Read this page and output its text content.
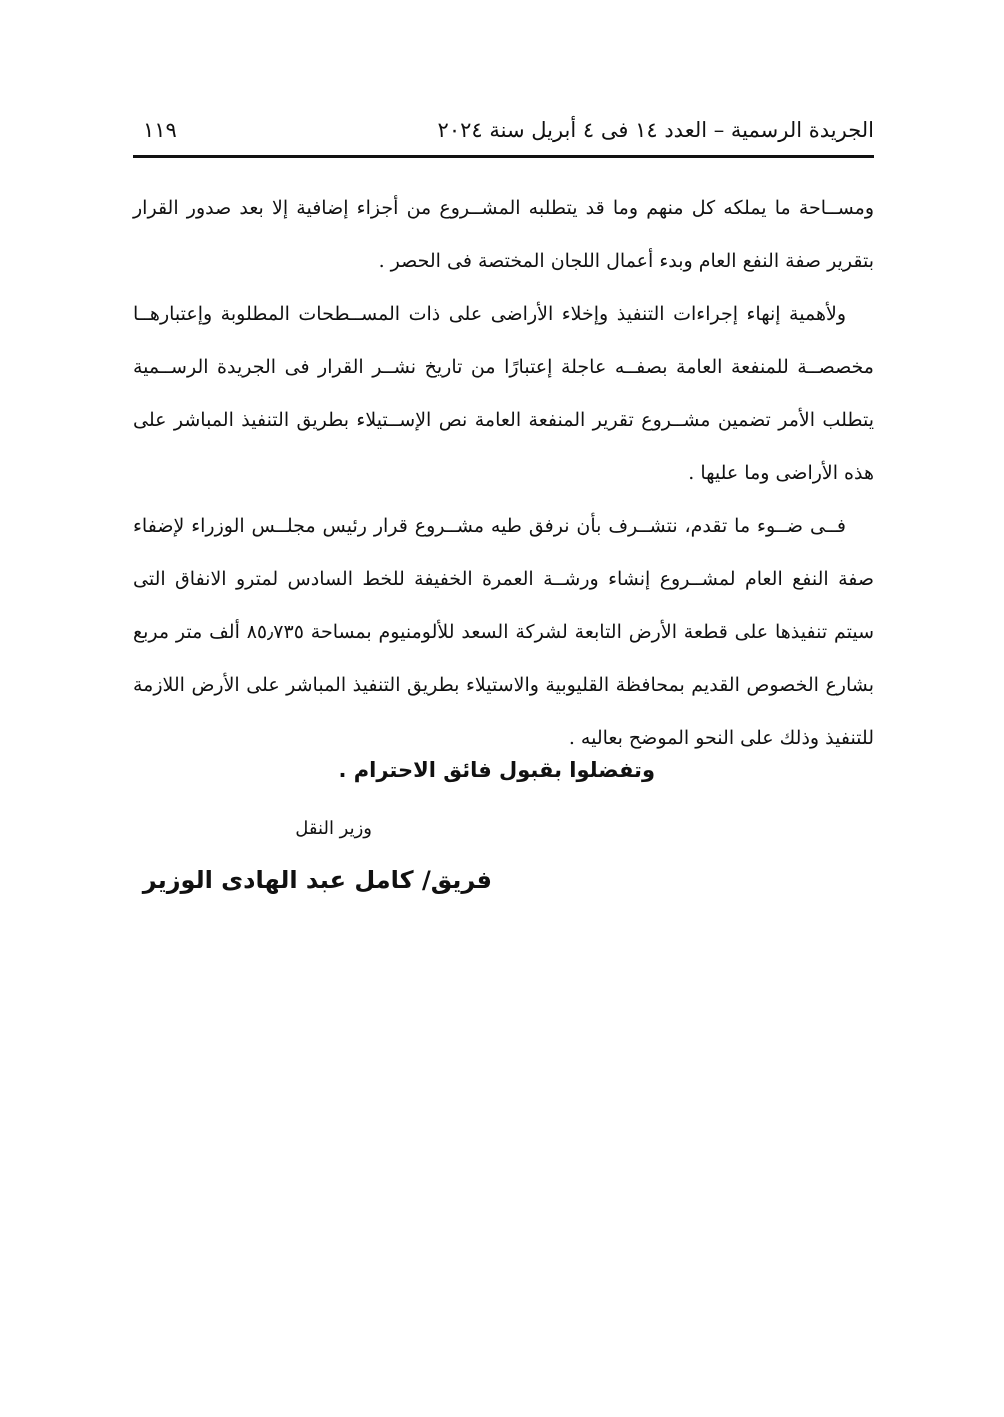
الجريدة الرسمية – العدد ١٤ فى ٤ أبريل سنة ٢٠٢٤
١١٩

ومســاحة ما يملكه كل منهم وما قد يتطلبه المشــروع من أجزاء إضافية إلا بعد صدور القرار بتقرير صفة النفع العام وبدء أعمال اللجان المختصة فى الحصر .

ولأهمية إنهاء إجراءات التنفيذ وإخلاء الأراضى على ذات المســطحات المطلوبة وإعتبارهــا مخصصــة للمنفعة العامة بصفــه عاجلة إعتبارًا من تاريخ نشــر القرار فى الجريدة الرســمية يتطلب الأمر تضمين مشــروع تقرير المنفعة العامة نص الإســتيلاء بطريق التنفيذ المباشر على هذه الأراضى وما عليها .

فــى ضــوء ما تقدم، نتشــرف بأن نرفق طيه مشــروع قرار رئيس مجلــس الوزراء لإضفاء صفة النفع العام لمشــروع إنشاء ورشــة العمرة الخفيفة للخط السادس لمترو الانفاق التى سيتم تنفيذها على قطعة الأرض التابعة لشركة السعد للألومنيوم بمساحة ٨٥٫٧٣٥ ألف متر مربع بشارع الخصوص القديم بمحافظة القليوبية والاستيلاء بطريق التنفيذ المباشر على الأرض اللازمة للتنفيذ وذلك على النحو الموضح بعاليه .

وتفضلوا بقبول فائق الاحترام .
وزير النقل
فريق/ كامل عبد الهادى الوزير
